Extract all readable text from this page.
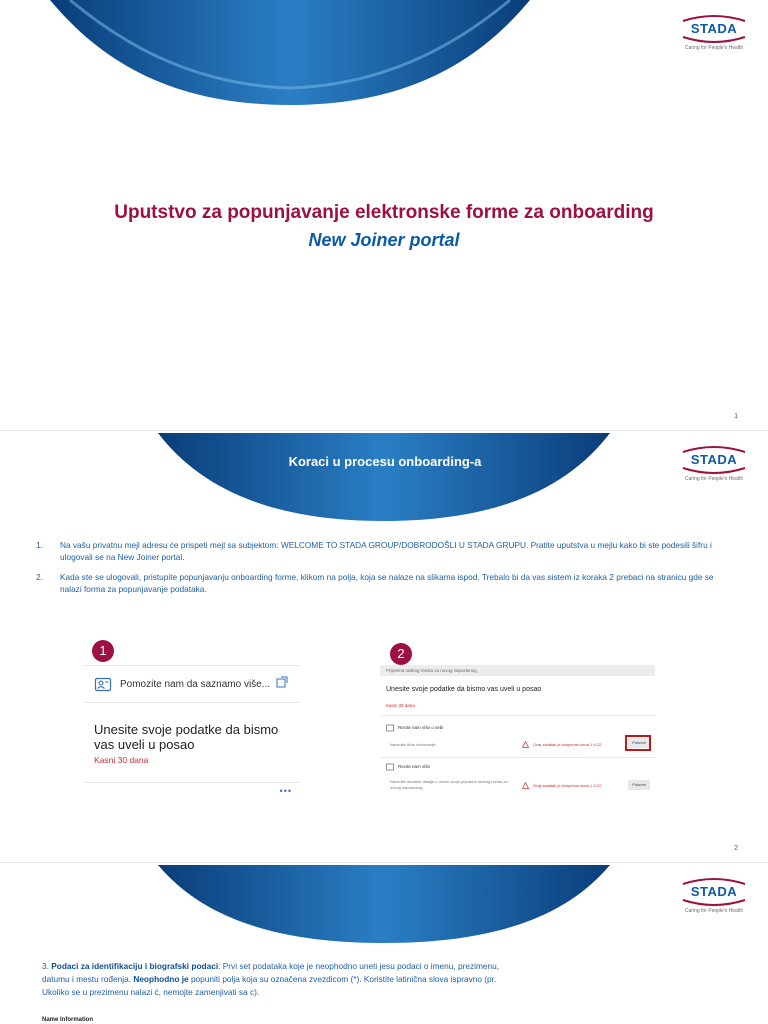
STADA
Caring for People's Health
Uputstvo za popunjavanje elektronske forme za onboarding
New Joiner portal
1
STADA
Caring for People's Health
Koraci u procesu onboarding-a
1.	Na vašu privatnu mejl adresu će prispeti mejl sa subjektom: WELCOME TO STADA GROUP/DOBRODOŠLI U STADA GRUPU. Pratite uputstva u mejlu kako bi ste podesili šifru i ulogovali se na New Joiner portal.
2.	Kada ste se ulogovali, pristupite popunjavanju onboarding forme, klikom na polja, koja se nalaze na slikama ispod. Trebalo bi da vas sistem iz koraka 2 prebaci na stranicu gde se nalazi forma za popunjavanje podataka.
1
Pomozite nam da saznamo više...
Unesite svoje podatke da bismo vas uveli u posao
Kasni 30 dana
•••
2
Priprema radnog mesta za novog zaposlenog
Unesite svoje podatke da bismo vas uveli u posao
Kasni 30 dana
Recite nam više o sebi
Navedite lične informacije	Ovaj zadatak je dospevao dana 1.9.22.	Pokreni
Recite nam više
Navedite dodatne detalje u okviru svoje pripreme radnog mesta za novog zaposlenog	Ovaj zadatak je dospevao dana 1.9.22.	Pokreni
2
STADA
Caring for People's Health
3. Podaci za identifikaciju i biografski podaci: Prvi set podataka koje je neophodno uneti jesu podaci o imenu, prezimenu, datumu i mestu rođenja. Neophodno je popuniti polja koja su označena zvezdicom (*). Koristite latinična slova ispravno (pr. Ukoliko se u prezimenu nalazi ć, nemojte zamenjivati sa c).
Name Information
